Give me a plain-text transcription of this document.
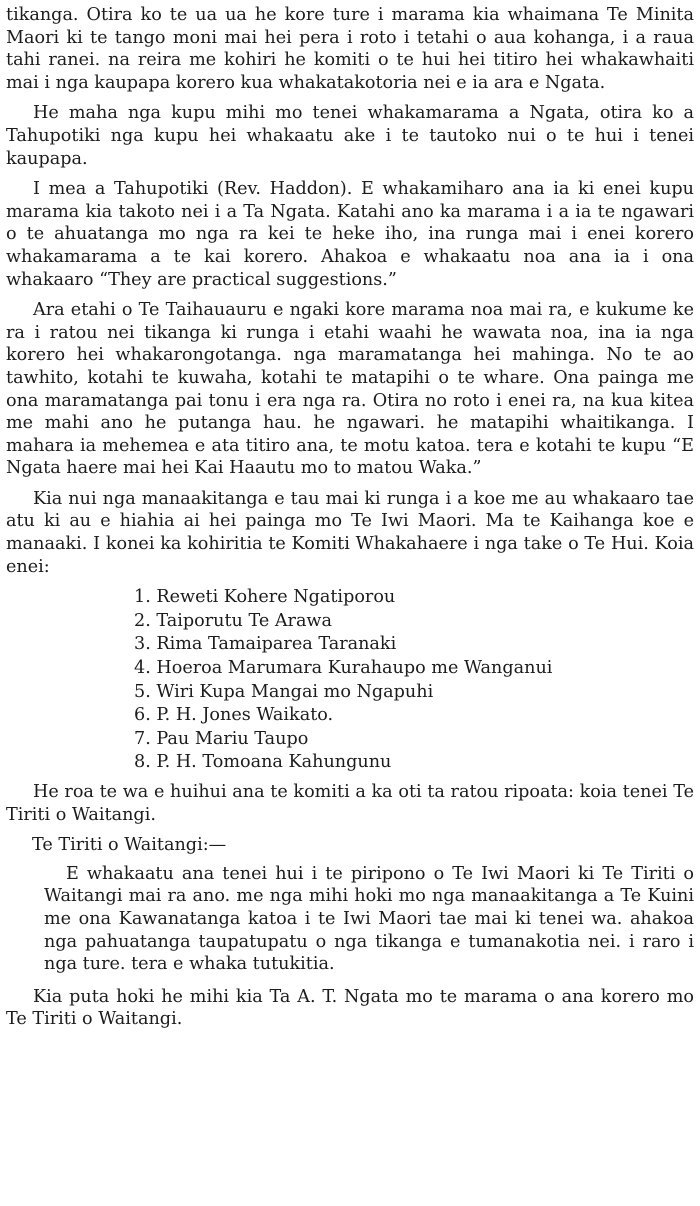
tikanga. Otira ko te ua ua he kore ture i marama kia whaimana Te Minita Maori ki te tango moni mai hei pera i roto i tetahi o aua kohanga, i a raua tahi ranei. na reira me kohiri he komiti o te hui hei titiro hei whakawhaiti mai i nga kaupapa korero kua whakatakotoria nei e ia ara e Ngata.

He maha nga kupu mihi mo tenei whakamarama a Ngata, otira ko a Tahupotiki nga kupu hei whakaatu ake i te tautoko nui o te hui i tenei kaupapa.

I mea a Tahupotiki (Rev. Haddon). E whakamiharo ana ia ki enei kupu marama kia takoto nei i a Ta Ngata. Katahi ano ka marama i a ia te ngawari o te ahuatanga mo nga ra kei te heke iho, ina runga mai i enei korero whakamarama a te kai korero. Ahakoa e whakaatu noa ana ia i ona whakaaro “They are practical suggestions.”

Ara etahi o Te Taihauauru e ngaki kore marama noa mai ra, e kukume ke ra i ratou nei tikanga ki runga i etahi waahi he wawata noa, ina ia nga korero hei whakarongotanga. nga maramatanga hei mahinga. No te ao tawhito, kotahi te kuwaha, kotahi te matapihi o te whare. Ona painga me ona maramatanga pai tonu i era nga ra. Otira no roto i enei ra, na kua kitea me mahi ano he putanga hau. he ngawari. he matapihi whaitikanga. I mahara ia mehemea e ata titiro ana, te motu katoa. tera e kotahi te kupu “E Ngata haere mai hei Kai Haautu mo to matou Waka.”

Kia nui nga manaakitanga e tau mai ki runga i a koe me au whakaaro tae atu ki au e hiahia ai hei painga mo Te Iwi Maori. Ma te Kaihanga koe e manaaki. I konei ka kohiritia te Komiti Whakahaere i nga take o Te Hui. Koia enei:

1. Reweti Kohere Ngatiporou
2. Taiporutu Te Arawa
3. Rima Tamaiparea Taranaki
4. Hoeroa Marumara Kurahaupo me Wanganui
5. Wiri Kupa Mangai mo Ngapuhi
6. P. H. Jones Waikato.
7. Pau Mariu Taupo
8. P. H. Tomoana Kahungunu

He roa te wa e huihui ana te komiti a ka oti ta ratou ripoata: koia tenei Te Tiriti o Waitangi.

Te Tiriti o Waitangi:—

E whakaatu ana tenei hui i te piripono o Te Iwi Maori ki Te Tiriti o Waitangi mai ra ano. me nga mihi hoki mo nga manaakitanga a Te Kuini me ona Kawanatanga katoa i te Iwi Maori tae mai ki tenei wa. ahakoa nga pahuatanga taupatupatu o nga tikanga e tumanakotia nei. i raro i nga ture. tera e whaka tutukitia.

Kia puta hoki he mihi kia Ta A. T. Ngata mo te marama o ana korero mo Te Tiriti o Waitangi.
